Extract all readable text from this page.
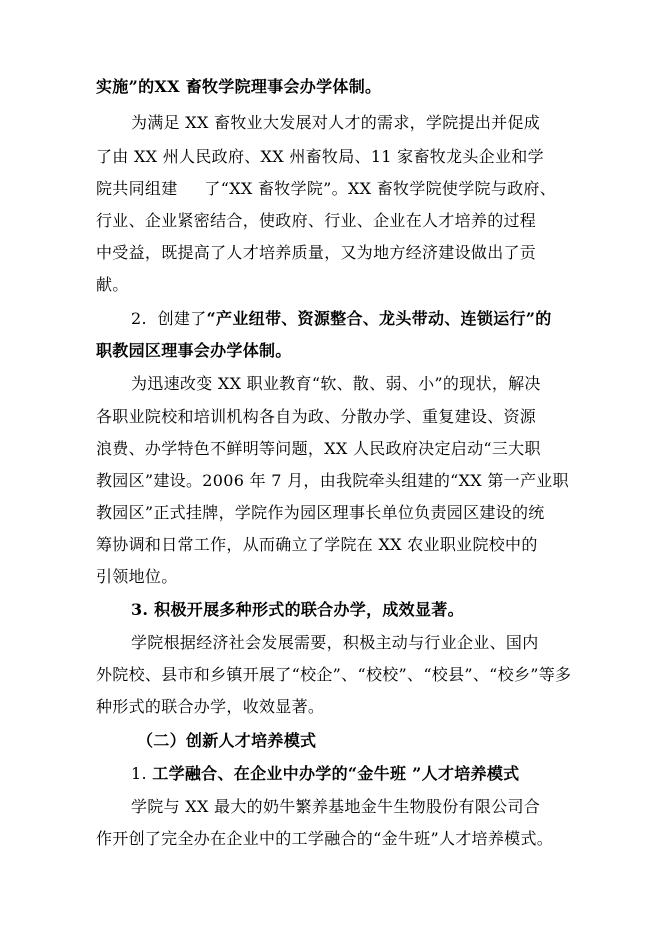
实施”的XX 畜牧学院理事会办学体制。

为满足 XX 畜牧业大发展对人才的需求，学院提出并促成

了由 XX 州人民政府、XX 州畜牧局、11 家畜牧龙头企业和学

院共同组建     了“XX 畜牧学院”。XX 畜牧学院使学院与政府、

行业、企业紧密结合，使政府、行业、企业在人才培养的过程

中受益，既提高了人才培养质量，又为地方经济建设做出了贡

献。

2.  创建了“产业纽带、资源整合、龙头带动、连锁运行”的

职教园区理事会办学体制。

为迅速改变 XX 职业教育“软、散、弱、小”的现状，解决

各职业院校和培训机构各自为政、分散办学、重复建设、资源

浪费、办学特色不鲜明等问题，XX 人民政府决定启动“三大职

教园区”建设。2006 年 7 月，由我院牵头组建的“XX 第一产业职

教园区”正式挂牌，学院作为园区理事长单位负责园区建设的统

筹协调和日常工作，从而确立了学院在 XX 农业职业院校中的

引领地位。

3. 积极开展多种形式的联合办学，成效显著。

学院根据经济社会发展需要，积极主动与行业企业、国内

外院校、县市和乡镇开展了“校企”、“校校”、“校县”、“校乡”等多

种形式的联合办学，收效显著。

（二）创新人才培养模式

1. 工学融合、在企业中办学的“金牛班 ”人才培养模式

学院与 XX 最大的奶牛繁养基地金牛生物股份有限公司合

作开创了完全办在企业中的工学融合的“金牛班”人才培养模式。
